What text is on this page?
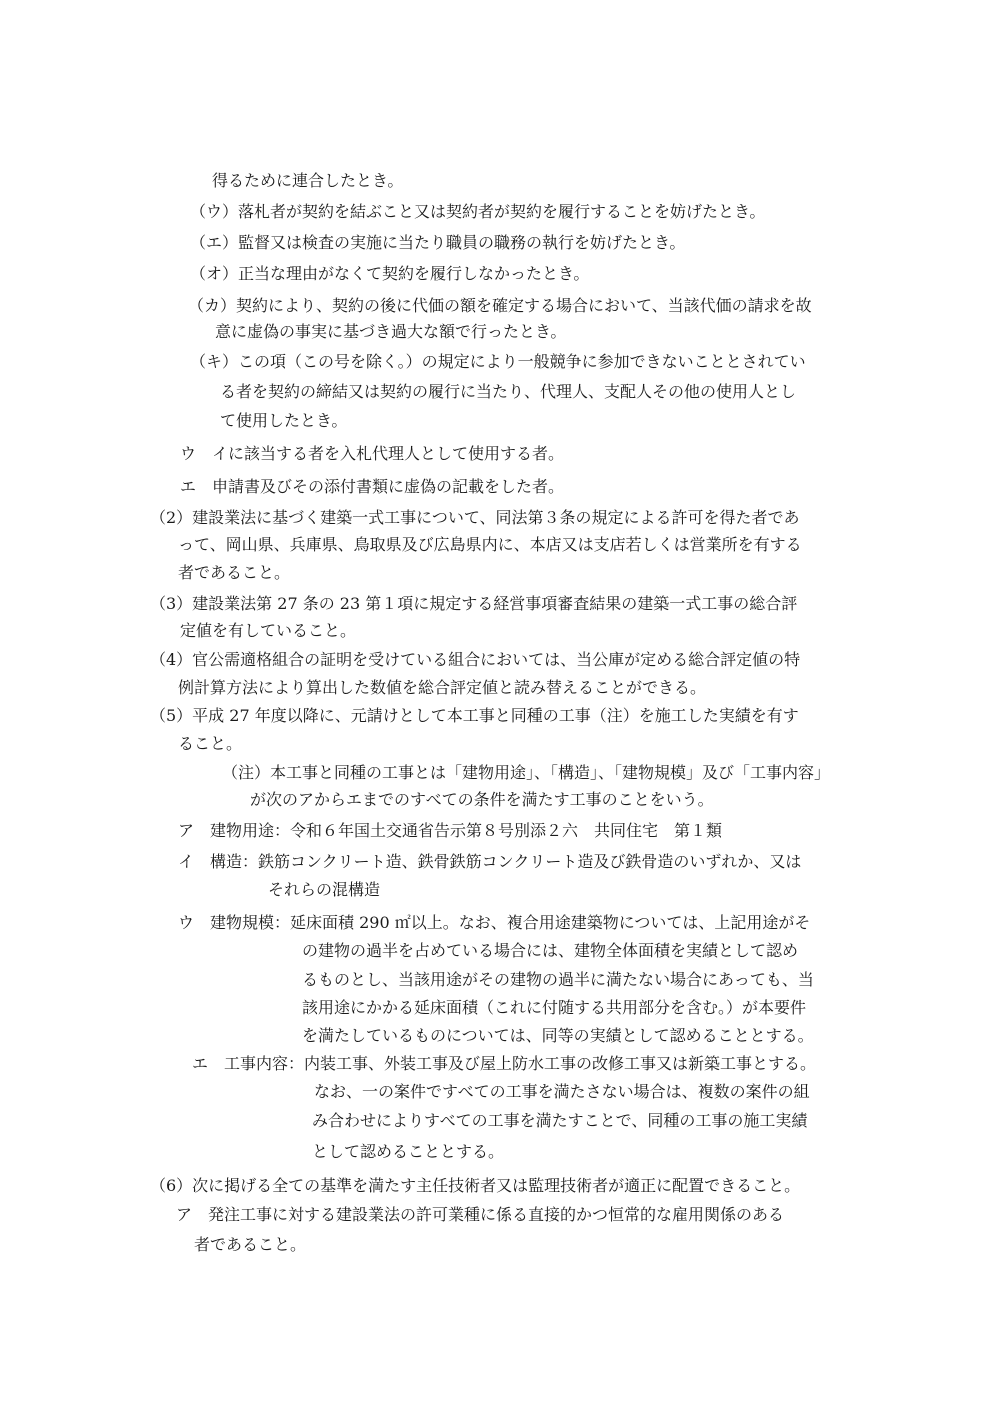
得るために連合したとき。
（ウ）落札者が契約を結ぶこと又は契約者が契約を履行することを妨げたとき。
（エ）監督又は検査の実施に当たり職員の職務の執行を妨げたとき。
（オ）正当な理由がなくて契約を履行しなかったとき。
（カ）契約により、契約の後に代価の額を確定する場合において、当該代価の請求を故
意に虚偽の事実に基づき過大な額で行ったとき。
（キ）この項（この号を除く。）の規定により一般競争に参加できないこととされてい
る者を契約の締結又は契約の履行に当たり、代理人、支配人その他の使用人とし
て使用したとき。
ウ　イに該当する者を入札代理人として使用する者。
エ　申請書及びその添付書類に虚偽の記載をした者。
（2）建設業法に基づく建築一式工事について、同法第３条の規定による許可を得た者であ
って、岡山県、兵庫県、鳥取県及び広島県内に、本店又は支店若しくは営業所を有する
者であること。
（3）建設業法第 27 条の 23 第１項に規定する経営事項審査結果の建築一式工事の総合評
定値を有していること。
（4）官公需適格組合の証明を受けている組合においては、当公庫が定める総合評定値の特
例計算方法により算出した数値を総合評定値と読み替えることができる。
（5）平成 27 年度以降に、元請けとして本工事と同種の工事（注）を施工した実績を有す
ること。
（注）本工事と同種の工事とは「建物用途」、「構造」、「建物規模」及び「工事内容」
が次のアからエまでのすべての条件を満たす工事のことをいう。
ア　建物用途：令和６年国土交通省告示第８号別添２六　共同住宅　第１類
イ　構造：鉄筋コンクリート造、鉄骨鉄筋コンクリート造及び鉄骨造のいずれか、又は
それらの混構造
ウ　建物規模：延床面積 290 ㎡以上。なお、複合用途建築物については、上記用途がそ
の建物の過半を占めている場合には、建物全体面積を実績として認め
るものとし、当該用途がその建物の過半に満たない場合にあっても、当
該用途にかかる延床面積（これに付随する共用部分を含む。）が本要件
を満たしているものについては、同等の実績として認めることとする。
エ　工事内容：内装工事、外装工事及び屋上防水工事の改修工事又は新築工事とする。
なお、一の案件ですべての工事を満たさない場合は、複数の案件の組
み合わせによりすべての工事を満たすことで、同種の工事の施工実績
として認めることとする。
（6）次に掲げる全ての基準を満たす主任技術者又は監理技術者が適正に配置できること。
ア　発注工事に対する建設業法の許可業種に係る直接的かつ恒常的な雇用関係のある
者であること。
